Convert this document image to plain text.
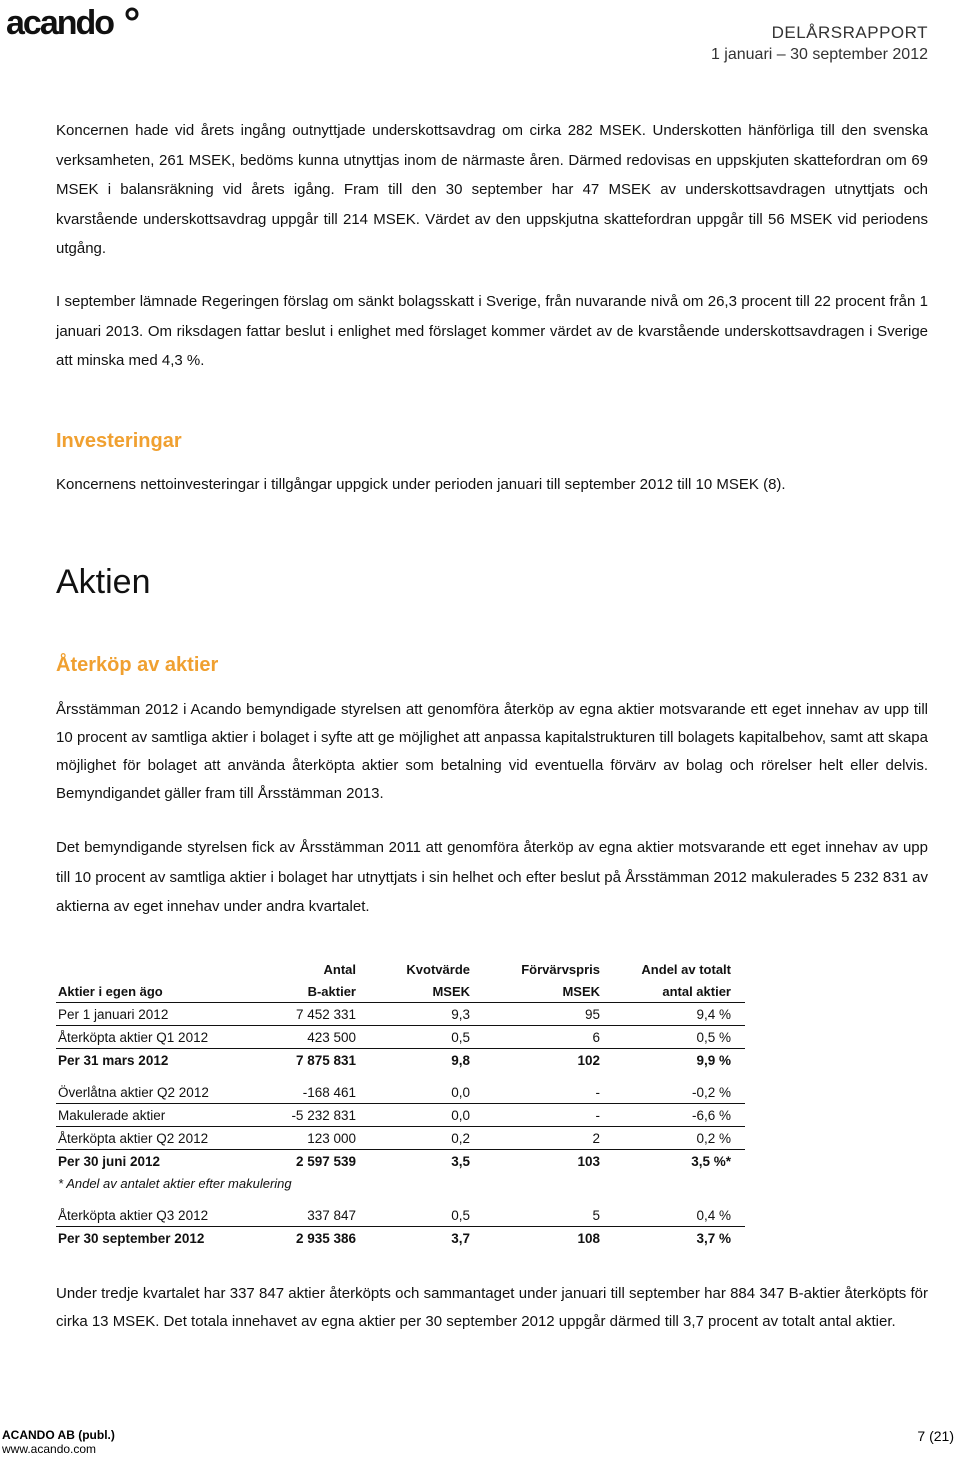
acando	DELÅRSRAPPORT
1 januari – 30 september 2012
Koncernen hade vid årets ingång outnyttjade underskottsavdrag om cirka 282 MSEK. Underskotten hänförliga till den svenska verksamheten, 261 MSEK, bedöms kunna utnyttjas inom de närmaste åren. Därmed redovisas en uppskjuten skattefordran om 69 MSEK i balansräkning vid årets igång. Fram till den 30 september har 47 MSEK av underskottsavdragen utnyttjats och kvarstående underskottsavdrag uppgår till 214 MSEK. Värdet av den uppskjutna skattefordran uppgår till 56 MSEK vid periodens utgång.
I september lämnade Regeringen förslag om sänkt bolagsskatt i Sverige, från nuvarande nivå om 26,3 procent till 22 procent från 1 januari 2013. Om riksdagen fattar beslut i enlighet med förslaget kommer värdet av de kvarstående underskottsavdragen i Sverige att minska med 4,3 %.
Investeringar
Koncernens nettoinvesteringar i tillgångar uppgick under perioden januari till september 2012 till 10 MSEK (8).
Aktien
Återköp av aktier
Årsstämman 2012 i Acando bemyndigade styrelsen att genomföra återköp av egna aktier motsvarande ett eget innehav av upp till 10 procent av samtliga aktier i bolaget i syfte att ge möjlighet att anpassa kapitalstrukturen till bolagets kapitalbehov, samt att skapa möjlighet för bolaget att använda återköpta aktier som betalning vid eventuella förvärv av bolag och rörelser helt eller delvis. Bemyndigandet gäller fram till Årsstämman 2013.
Det bemyndigande styrelsen fick av Årsstämman 2011 att genomföra återköp av egna aktier motsvarande ett eget innehav av upp till 10 procent av samtliga aktier i bolaget har utnyttjats i sin helhet och efter beslut på Årsstämman 2012 makulerades 5 232 831 av aktierna av eget innehav under andra kvartalet.
	Antal	Kvotvärde	Förvärvspris	Andel av totalt
Aktier i egen ägo	B-aktier	MSEK	MSEK	antal aktier
Per 1 januari 2012	7 452 331	9,3	95	9,4 %
Återköpta aktier Q1 2012	423 500	0,5	6	0,5 %
Per 31 mars 2012	7 875 831	9,8	102	9,9 %

Överlåtna aktier Q2 2012	-168 461	0,0	-	-0,2 %
Makulerade aktier	-5 232 831	0,0	-	-6,6 %
Återköpta aktier Q2 2012	123 000	0,2	2	0,2 %
Per 30 juni 2012	2 597 539	3,5	103	3,5 %*
* Andel av antalet aktier efter makulering				

Återköpta aktier Q3 2012	337 847	0,5	5	0,4 %
Per 30 september 2012	2 935 386	3,7	108	3,7 %
Under tredje kvartalet har 337 847 aktier återköpts och sammantaget under januari till september har 884 347 B-aktier återköpts för cirka 13 MSEK. Det totala innehavet av egna aktier per 30 september 2012 uppgår därmed till 3,7 procent av totalt antal aktier.
ACANDO AB (publ.)
www.acando.com
7 (21)
